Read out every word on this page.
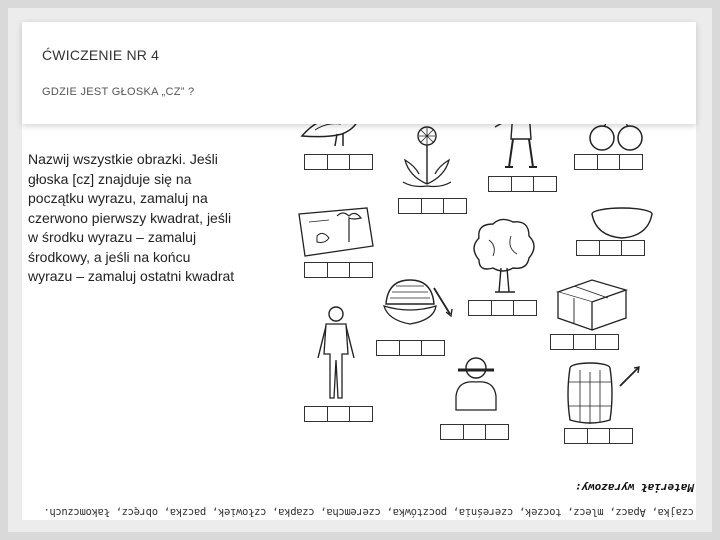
ĆWICZENIE NR 4
GDZIE JEST GŁOSKA „CZ” ?
Nazwij wszystkie obrazki. Jeśli głoska [cz] znajduje się na początku wyrazu, zamaluj na czerwono pierwszy kwadrat, jeśli w środku wyrazu – zamaluj środkowy, a jeśli na końcu wyrazu – zamaluj ostatni kwadrat
czajka, Apacz, mlecz, toczek, czereśnia, pocztówka, czeremcha, czapka, człowiek, paczka, obręcz, łakomczuch.
Materiał wyrazowy:
